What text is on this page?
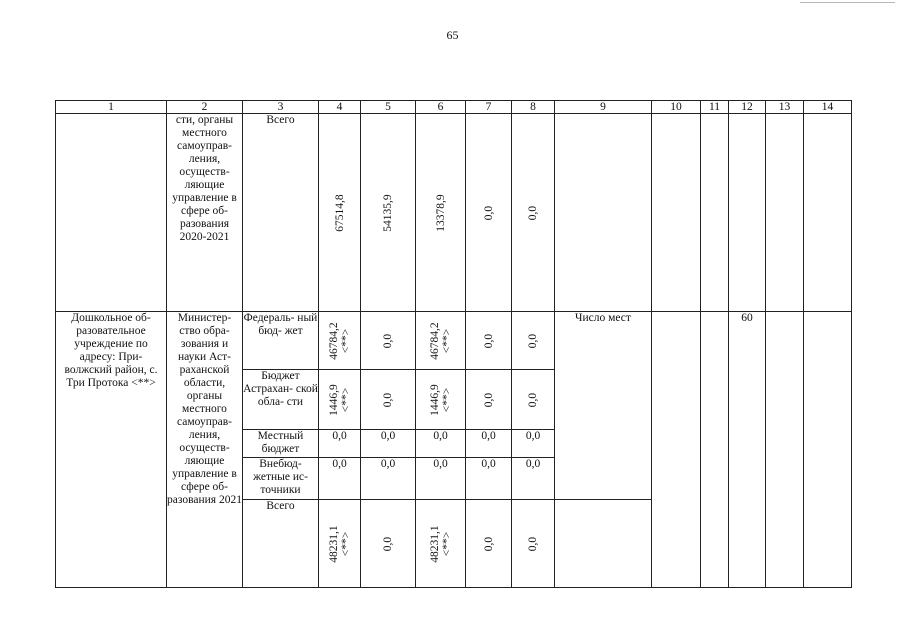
65
1	2	3	4	5	6	7	8	9	10	11	12	13	14
	сти, органы местного самоуправ- ления, осуществ- ляющие управление в сфере об- разования 2020-2021	Всего	67514,8	54135,9	13378,9	0,0	0,0						

Дошкольное об- разовательное учреждение по адресу: При- волжский район, с. Три Протока <**>	Министер- ство обра- зования и науки Аст- раханской области, органы местного самоуправ- ления, осуществ- ляющие управление в сфере об- разования 2021	Федераль- ный бюд- жет	46784,2 <**>	0,0	46784,2 <**>	0,0	0,0	Число мест			60		
		Бюджет Астрахан- ской обла- сти	1446,9 <**>	0,0	1446,9 <**>	0,0	0,0						

		Местный бюджет	0,0	0,0	0,0	0,0	0,0						
		Внебюд- жетные ис- точники	0,0	0,0	0,0	0,0	0,0						
		Всего	48231,1 <**>	0,0	48231,1 <**>	0,0	0,0						
